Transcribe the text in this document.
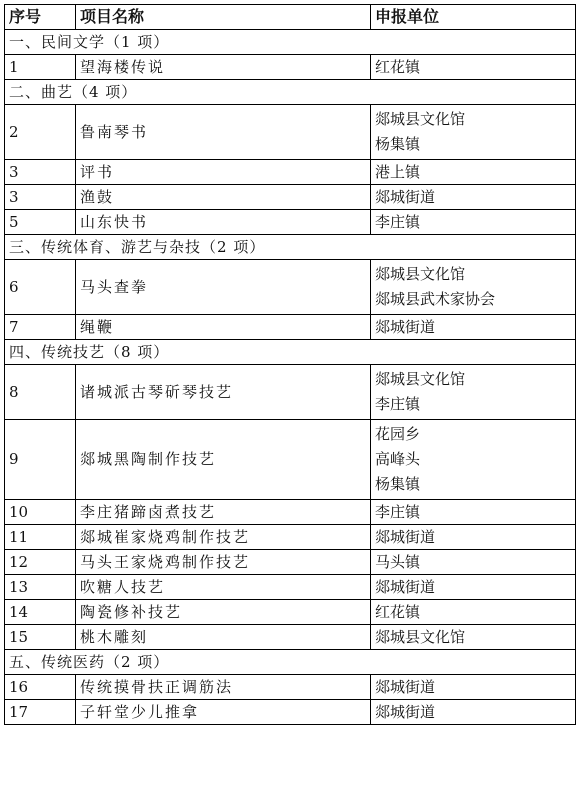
序号	项目名称	申报单位
一、民间文学（1 项）		
1	望海楼传说	红花镇

二、曲艺（4 项）		
2	鲁南琴书	郯城县文化馆
杨集镇

3	评书	港上镇

3	渔鼓	郯城街道

5	山东快书	李庄镇

三、传统体育、游艺与杂技（2 项）		
6	马头查拳	郯城县文化馆
郯城县武术家协会

7	绳鞭	郯城街道

四、传统技艺（8 项）		
8	诸城派古琴斫琴技艺	郯城县文化馆
李庄镇

9	郯城黑陶制作技艺	花园乡
高峰头
杨集镇

10	李庄猪蹄卤煮技艺	李庄镇

11	郯城崔家烧鸡制作技艺	郯城街道

12	马头王家烧鸡制作技艺	马头镇

13	吹糖人技艺	郯城街道

14	陶瓷修补技艺	红花镇

15	桃木雕刻	郯城县文化馆

五、传统医药（2 项）		
16	传统摸骨扶正调筋法	郯城街道

17	子轩堂少儿推拿	郯城街道
